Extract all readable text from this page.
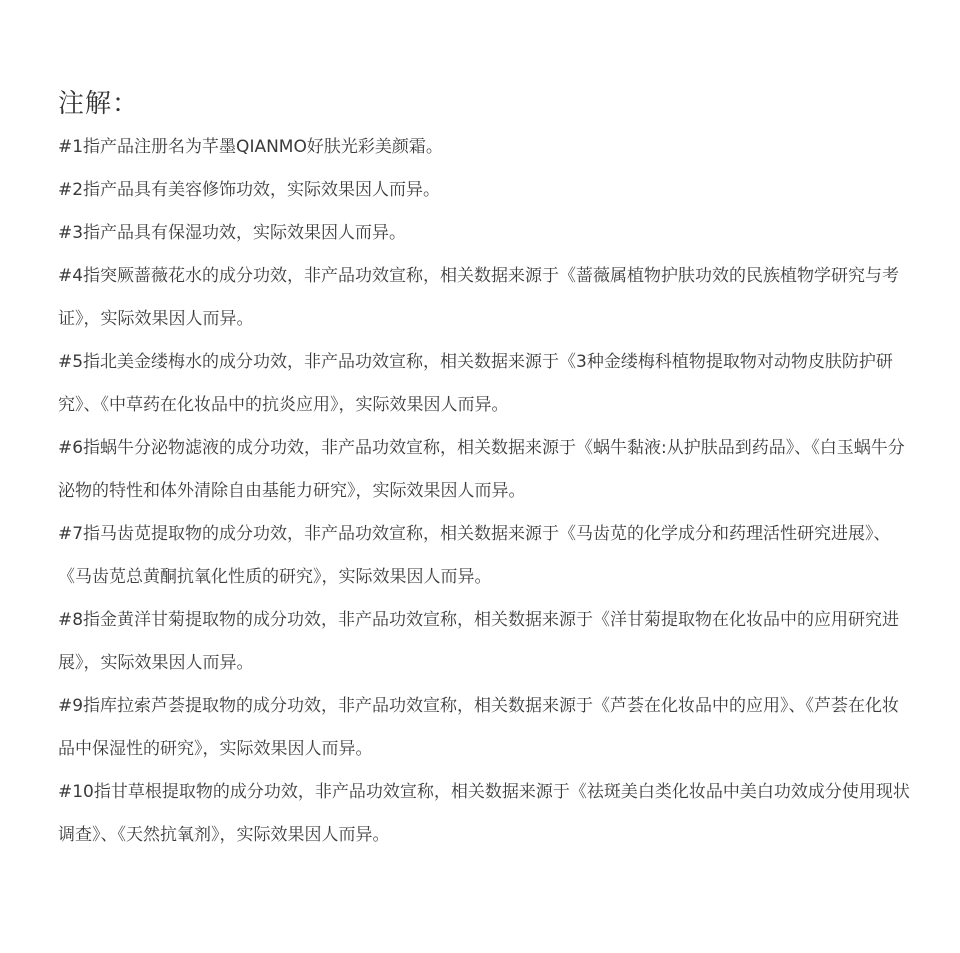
注解：
#1指产品注册名为芊墨QIANMO好肤光彩美颜霜。
#2指产品具有美容修饰功效，实际效果因人而异。
#3指产品具有保湿功效，实际效果因人而异。
#4指突厥蔷薇花水的成分功效，非产品功效宣称，相关数据来源于《蔷薇属植物护肤功效的民族植物学研究与考证》，实际效果因人而异。
#5指北美金缕梅水的成分功效，非产品功效宣称，相关数据来源于《3种金缕梅科植物提取物对动物皮肤防护研究》、《中草药在化妆品中的抗炎应用》，实际效果因人而异。
#6指蜗牛分泌物滤液的成分功效，非产品功效宣称，相关数据来源于《蜗牛黏液:从护肤品到药品》、《白玉蜗牛分泌物的特性和体外清除自由基能力研究》，实际效果因人而异。
#7指马齿苋提取物的成分功效，非产品功效宣称，相关数据来源于《马齿苋的化学成分和药理活性研究进展》、《马齿苋总黄酮抗氧化性质的研究》，实际效果因人而异。
#8指金黄洋甘菊提取物的成分功效，非产品功效宣称，相关数据来源于《洋甘菊提取物在化妆品中的应用研究进展》，实际效果因人而异。
#9指库拉索芦荟提取物的成分功效，非产品功效宣称，相关数据来源于《芦荟在化妆品中的应用》、《芦荟在化妆品中保湿性的研究》，实际效果因人而异。
#10指甘草根提取物的成分功效，非产品功效宣称，相关数据来源于《祛斑美白类化妆品中美白功效成分使用现状调查》、《天然抗氧剂》，实际效果因人而异。
